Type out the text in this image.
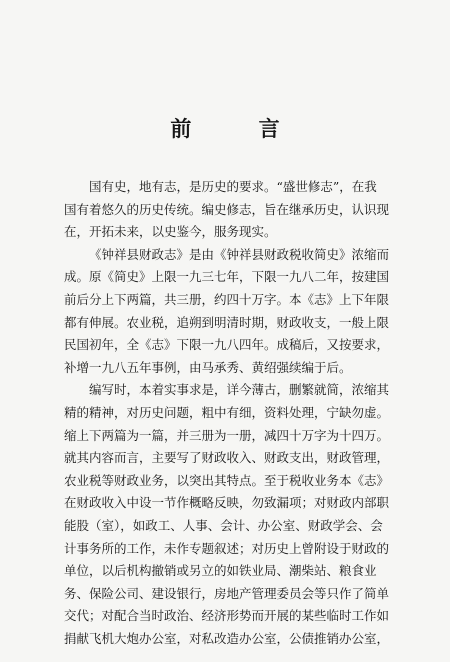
前 言
国有史，地有志，是历史的要求。“盛世修志”，在我
国有着悠久的历史传统。编史修志，旨在继承历史，认识现
在，开拓未来，以史鉴今，服务现实。
《钟祥县财政志》是由《钟祥县财政税收简史》浓缩而
成。原《简史》上限一九三七年，下限一九八二年，按建国
前后分上下两篇，共三册，约四十万字。本《志》上下年限
都有伸展。农业税，追朔到明清时期，财政收支，一般上限
民国初年，全《志》下限一九八四年。成稿后，又按要求，
补增一九八五年事例，由马承秀、黄绍强续编于后。
编写时，本着实事求是，详今薄古，删繁就简，浓缩其
精的精神，对历史问题，粗中有细，资料处理，宁缺勿虚。
缩上下两篇为一篇，并三册为一册，减四十万字为十四万。
就其内容而言，主要写了财政收入、财政支出，财政管理，
农业税等财政业务，以突出其特点。至于税收业务本《志》
在财政收入中设一节作概略反映，勿致漏项；对财政内部职
能股（室），如政工、人事、会计、办公室、财政学会、会
计事务所的工作，未作专题叙述；对历史上曾附设于财政的
单位，以后机构撤销或另立的如铁业局、潮柴站、粮食业
务、保险公司、建设银行，房地产管理委员会等只作了简单
交代；对配合当时政治、经济形势而开展的某些临时工作如
捐献飞机大炮办公室，对私改造办公室，公债推销办公室，
